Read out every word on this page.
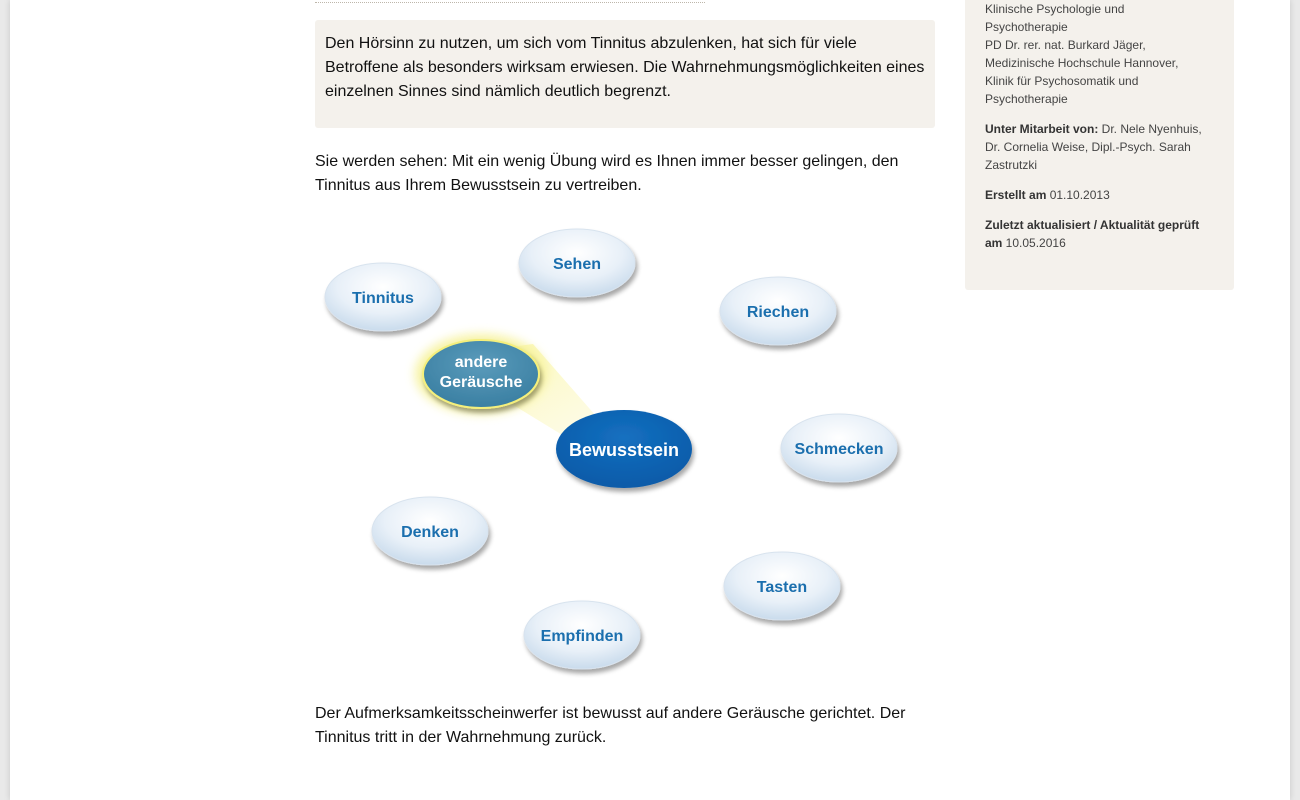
Den Hörsinn zu nutzen, um sich vom Tinnitus abzulenken, hat sich für viele Betroffene als besonders wirksam erwiesen. Die Wahrnehmungsmöglichkeiten eines einzelnen Sinnes sind nämlich deutlich begrenzt.

Sie werden sehen: Mit ein wenig Übung wird es Ihnen immer besser gelingen, den Tinnitus aus Ihrem Bewusstsein zu vertreiben.

Sehen
Tinnitus
Riechen
Schmecken
Denken
Tasten
Empfinden
andere
Geräusche
Bewusstsein

Der Aufmerksamkeitsscheinwerfer ist bewusst auf andere Geräusche gerichtet. Der Tinnitus tritt in der Wahrnehmung zurück.

Klinische Psychologie und
Psychotherapie
PD Dr. rer. nat. Burkard Jäger,
Medizinische Hochschule Hannover,
Klinik für Psychosomatik und
Psychotherapie
Unter Mitarbeit von: Dr. Nele Nyenhuis,
Dr. Cornelia Weise, Dipl.-Psych. Sarah
Zastrutzki
Erstellt am 01.10.2013
Zuletzt aktualisiert / Aktualität geprüft
am 10.05.2016
